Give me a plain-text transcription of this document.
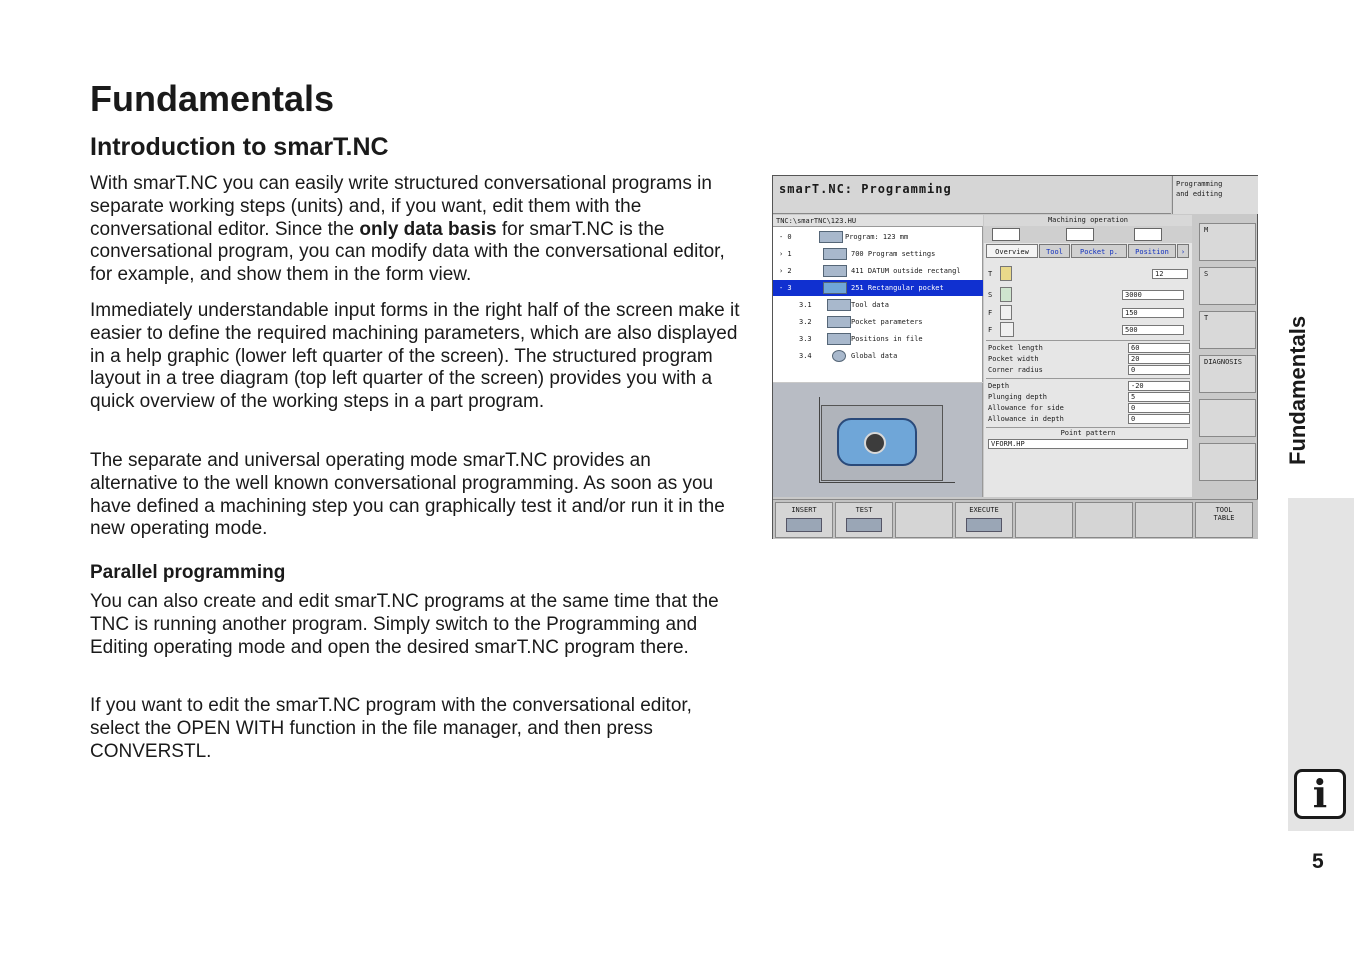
Fundamentals
Introduction to smarT.NC
With smarT.NC you can easily write structured conversational programs in separate working steps (units) and, if you want, edit them with the conversational editor. Since the only data basis for smarT.NC is the conversational program, you can modify data with the conversational editor, for example, and show them in the form view.
Immediately understandable input forms in the right half of the screen make it easier to define the required machining parameters, which are also displayed in a help graphic (lower left quarter of the screen). The structured program layout in a tree diagram (top left quarter of the screen) provides you with a quick overview of the working steps in a part program.
The separate and universal operating mode smarT.NC provides an alternative to the well known conversational programming. As soon as you have defined a machining step you can graphically test it and/or run it in the new operating mode.
Parallel programming
You can also create and edit smarT.NC programs at the same time that the TNC is running another program. Simply switch to the Programming and Editing operating mode and open the desired smarT.NC program there.
If you want to edit the smarT.NC program with the conversational editor, select the OPEN WITH function in the file manager, and then press CONVERSTL.
smarT.NC: Programming	Programming
and editing
TNC:\smarTNC\123.HU
- 0	Program: 123 mm
› 1	700 Program settings
› 2	411 DATUM outside rectangl
- 3	251 Rectangular pocket
3.1	Tool data
3.2	Pocket parameters
3.3	Positions in file
3.4	Global data
Machining operation
Overview	Tool	Pocket p.	Position	›
T	12
S	3000
F	150
F	500
Pocket length	60
Pocket width	20
Corner radius	0
Depth	-20
Plunging depth	5
Allowance for side	0
Allowance in depth	0
Point pattern
VFORM.HP
M
S
T
DIAGNOSIS
INSERT	TEST	EXECUTE	TOOL
TABLE
Fundamentals
i
5
